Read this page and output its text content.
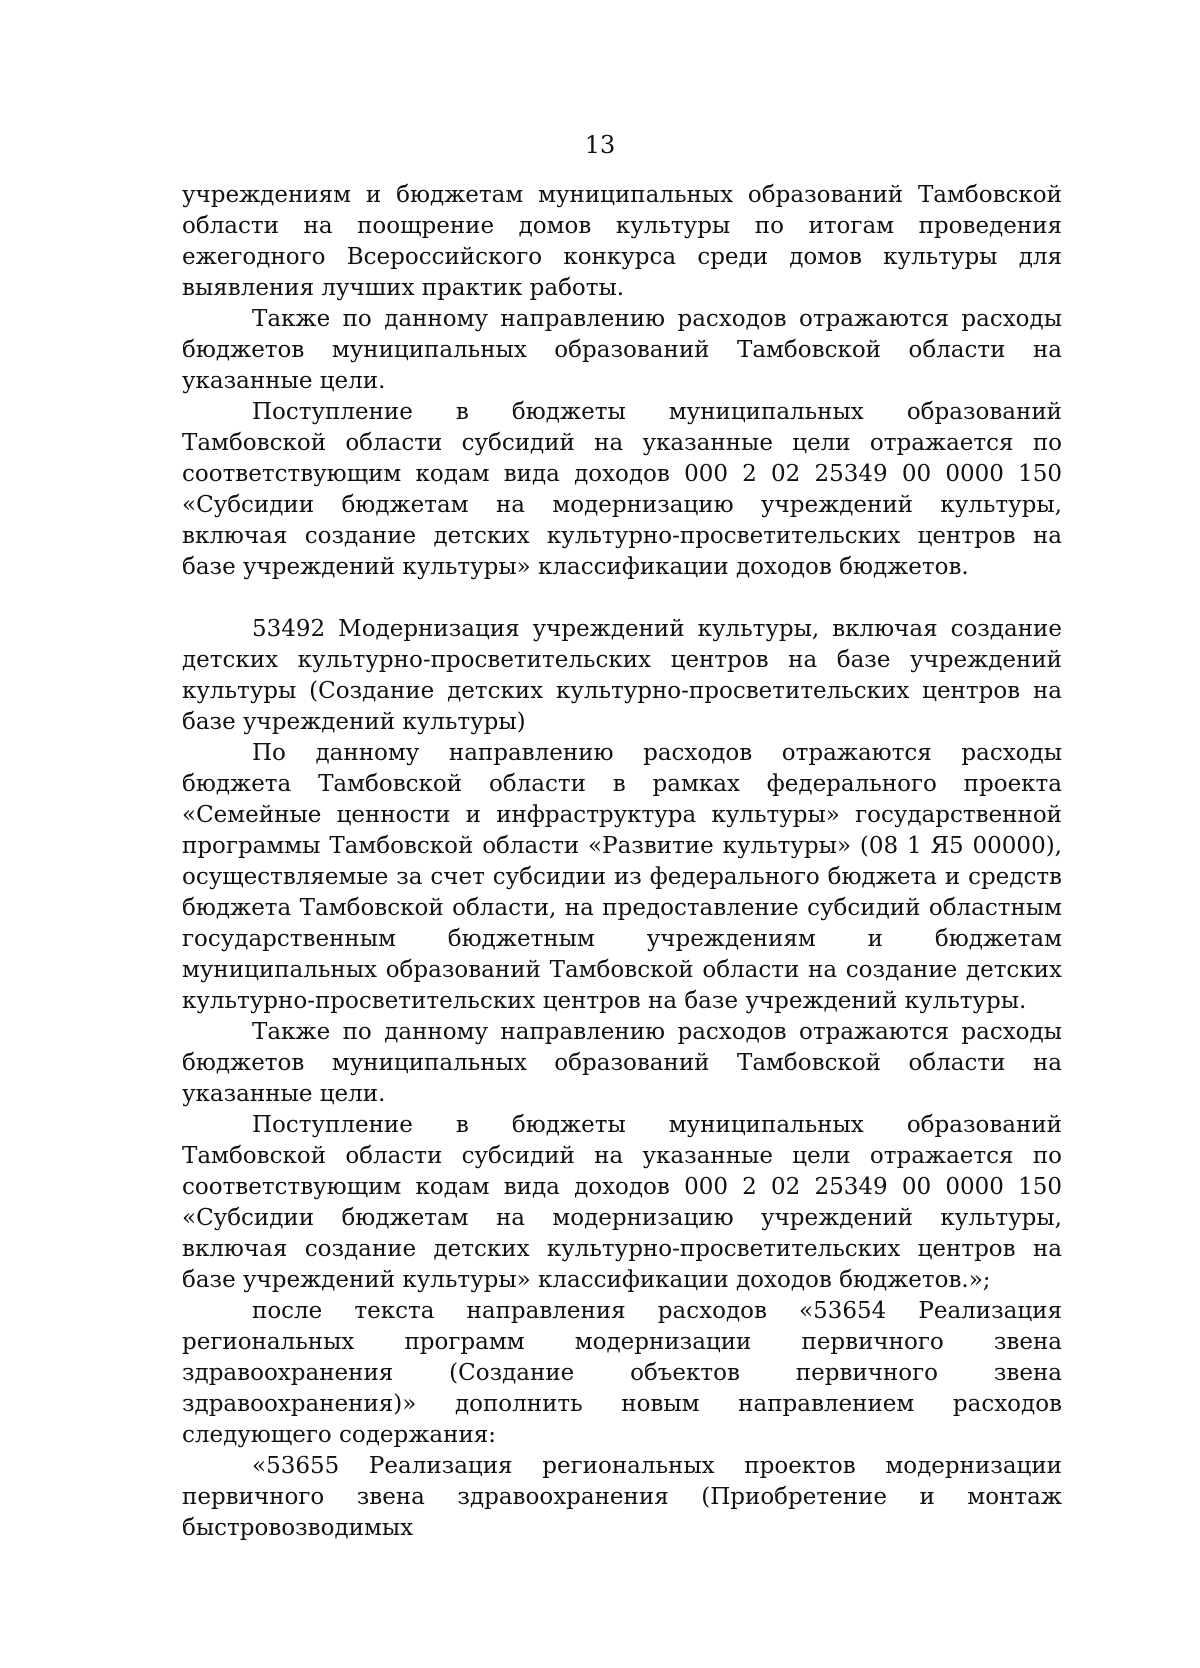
13

учреждениям и бюджетам муниципальных образований Тамбовской области на поощрение домов культуры по итогам проведения ежегодного Всероссийского конкурса среди домов культуры для выявления лучших практик работы.

Также по данному направлению расходов отражаются расходы бюджетов муниципальных образований Тамбовской области на указанные цели.

Поступление в бюджеты муниципальных образований Тамбовской области субсидий на указанные цели отражается по соответствующим кодам вида доходов 000 2 02 25349 00 0000 150 «Субсидии бюджетам на модернизацию учреждений культуры, включая создание детских культурно-просветительских центров на базе учреждений культуры» классификации доходов бюджетов.

53492 Модернизация учреждений культуры, включая создание детских культурно-просветительских центров на базе учреждений культуры (Создание детских культурно-просветительских центров на базе учреждений культуры)

По данному направлению расходов отражаются расходы бюджета Тамбовской области в рамках федерального проекта «Семейные ценности и инфраструктура культуры» государственной программы Тамбовской области «Развитие культуры» (08 1 Я5 00000), осуществляемые за счет субсидии из федерального бюджета и средств бюджета Тамбовской области, на предоставление субсидий областным государственным бюджетным учреждениям и бюджетам муниципальных образований Тамбовской области на создание детских культурно-просветительских центров на базе учреждений культуры.

Также по данному направлению расходов отражаются расходы бюджетов муниципальных образований Тамбовской области на указанные цели.

Поступление в бюджеты муниципальных образований Тамбовской области субсидий на указанные цели отражается по соответствующим кодам вида доходов 000 2 02 25349 00 0000 150 «Субсидии бюджетам на модернизацию учреждений культуры, включая создание детских культурно-просветительских центров на базе учреждений культуры» классификации доходов бюджетов.»;

после текста направления расходов «53654 Реализация региональных программ модернизации первичного звена здравоохранения (Создание объектов первичного звена здравоохранения)» дополнить новым направлением расходов следующего содержания:

«53655 Реализация региональных проектов модернизации первичного звена здравоохранения (Приобретение и монтаж быстровозводимых
